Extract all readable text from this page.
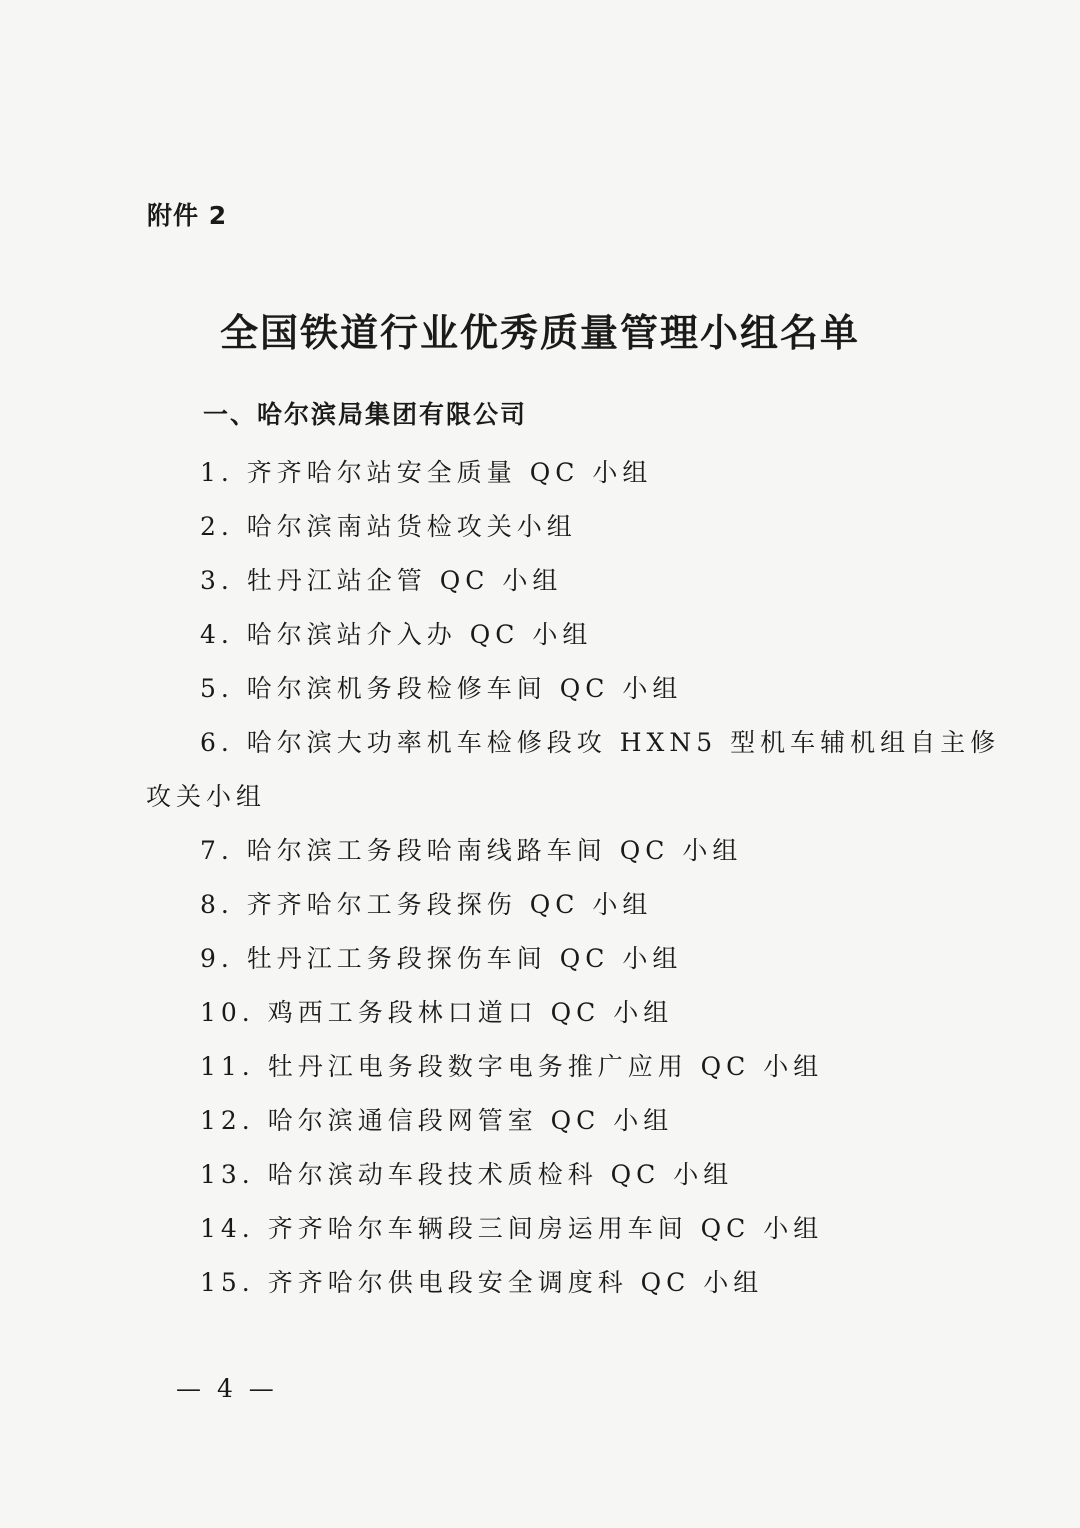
附件 2
全国铁道行业优秀质量管理小组名单
一、哈尔滨局集团有限公司
1. 齐齐哈尔站安全质量 QC 小组
2. 哈尔滨南站货检攻关小组
3. 牡丹江站企管 QC 小组
4. 哈尔滨站介入办 QC 小组
5. 哈尔滨机务段检修车间 QC 小组
6. 哈尔滨大功率机车检修段攻 HXN5 型机车辅机组自主修
攻关小组
7. 哈尔滨工务段哈南线路车间 QC 小组
8. 齐齐哈尔工务段探伤 QC 小组
9. 牡丹江工务段探伤车间 QC 小组
10. 鸡西工务段林口道口 QC 小组
11. 牡丹江电务段数字电务推广应用 QC 小组
12. 哈尔滨通信段网管室 QC 小组
13. 哈尔滨动车段技术质检科 QC 小组
14. 齐齐哈尔车辆段三间房运用车间 QC 小组
15. 齐齐哈尔供电段安全调度科 QC 小组
— 4 —
